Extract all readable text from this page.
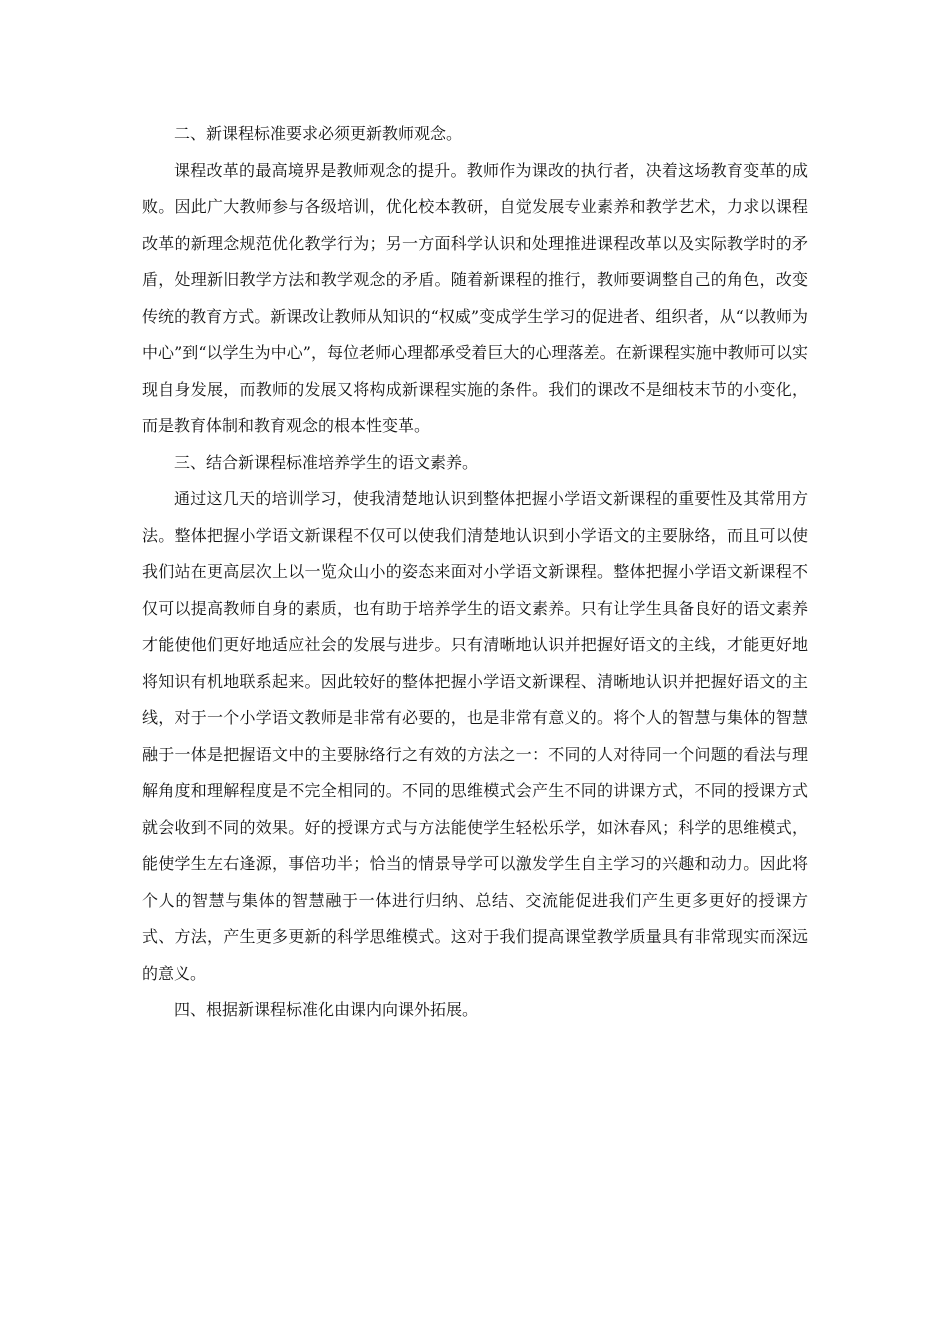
二、新课程标准要求必须更新教师观念。

课程改革的最高境界是教师观念的提升。教师作为课改的执行者，决着这场教育变革的成败。因此广大教师参与各级培训，优化校本教研，自觉发展专业素养和教学艺术，力求以课程改革的新理念规范优化教学行为；另一方面科学认识和处理推进课程改革以及实际教学时的矛盾，处理新旧教学方法和教学观念的矛盾。随着新课程的推行，教师要调整自己的角色，改变传统的教育方式。新课改让教师从知识的“权威”变成学生学习的促进者、组织者，从“以教师为中心”到“以学生为中心”，每位老师心理都承受着巨大的心理落差。在新课程实施中教师可以实现自身发展，而教师的发展又将构成新课程实施的条件。我们的课改不是细枝末节的小变化，而是教育体制和教育观念的根本性变革。

三、结合新课程标准培养学生的语文素养。

通过这几天的培训学习，使我清楚地认识到整体把握小学语文新课程的重要性及其常用方法。整体把握小学语文新课程不仅可以使我们清楚地认识到小学语文的主要脉络，而且可以使我们站在更高层次上以一览众山小的姿态来面对小学语文新课程。整体把握小学语文新课程不仅可以提高教师自身的素质，也有助于培养学生的语文素养。只有让学生具备良好的语文素养才能使他们更好地适应社会的发展与进步。只有清晰地认识并把握好语文的主线，才能更好地将知识有机地联系起来。因此较好的整体把握小学语文新课程、清晰地认识并把握好语文的主线，对于一个小学语文教师是非常有必要的，也是非常有意义的。将个人的智慧与集体的智慧融于一体是把握语文中的主要脉络行之有效的方法之一：不同的人对待同一个问题的看法与理解角度和理解程度是不完全相同的。不同的思维模式会产生不同的讲课方式，不同的授课方式就会收到不同的效果。好的授课方式与方法能使学生轻松乐学，如沐春风；科学的思维模式，能使学生左右逢源，事倍功半；恰当的情景导学可以激发学生自主学习的兴趣和动力。因此将个人的智慧与集体的智慧融于一体进行归纳、总结、交流能促进我们产生更多更好的授课方式、方法，产生更多更新的科学思维模式。这对于我们提高课堂教学质量具有非常现实而深远的意义。

四、根据新课程标准化由课内向课外拓展。
